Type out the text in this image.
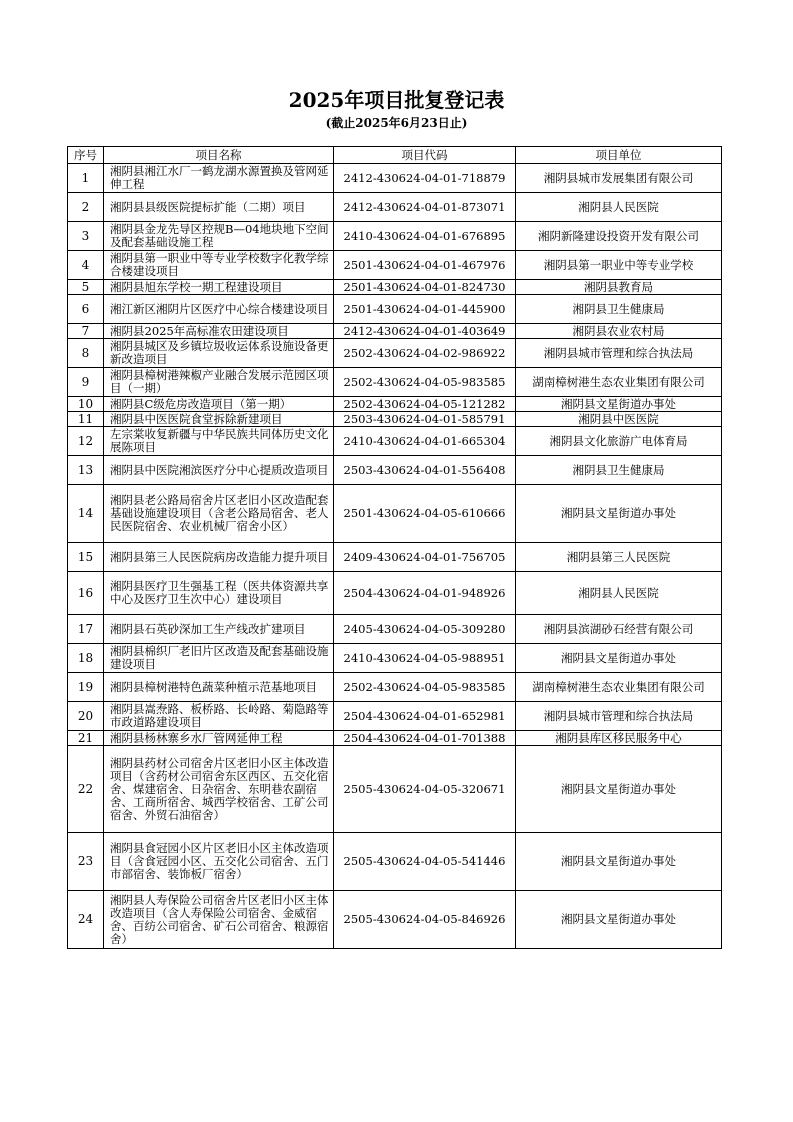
2025年项目批复登记表
(截止2025年6月23日止)
序号	项目名称	项目代码	项目单位

1	湘阴县湘江水厂一鹤龙湖水源置换及管网延伸工程	2412-430624-04-01-718879	湘阴县城市发展集团有限公司

2	湘阴县县级医院提标扩能（二期）项目	2412-430624-04-01-873071	湘阴县人民医院

3	湘阴县金龙先导区控规B—04地块地下空间及配套基础设施工程	2410-430624-04-01-676895	湘阴新隆建设投资开发有限公司

4	湘阴县第一职业中等专业学校数字化教学综合楼建设项目	2501-430624-04-01-467976	湘阴县第一职业中等专业学校

5	湘阴县旭东学校一期工程建设项目	2501-430624-04-01-824730	湘阴县教育局

6	湘江新区湘阴片区医疗中心综合楼建设项目	2501-430624-04-01-445900	湘阴县卫生健康局

7	湘阴县2025年高标准农田建设项目	2412-430624-04-01-403649	湘阴县农业农村局

8	湘阴县城区及乡镇垃圾收运体系设施设备更新改造项目	2502-430624-04-02-986922	湘阴县城市管理和综合执法局

9	湘阴县樟树港辣椒产业融合发展示范园区项目（一期）	2502-430624-04-05-983585	湖南樟树港生态农业集团有限公司

10	湘阴县C级危房改造项目（第一期）	2502-430624-04-05-121282	湘阴县文星街道办事处

11	湘阴县中医医院食堂拆除新建项目	2503-430624-04-01-585791	湘阴县中医医院

12	左宗棠收复新疆与中华民族共同体历史文化展陈项目	2410-430624-04-01-665304	湘阴县文化旅游广电体育局

13	湘阴县中医院湘滨医疗分中心提质改造项目	2503-430624-04-01-556408	湘阴县卫生健康局

14	湘阴县老公路局宿舍片区老旧小区改造配套基础设施建设项目（含老公路局宿舍、老人民医院宿舍、农业机械厂宿舍小区）	2501-430624-04-05-610666	湘阴县文星街道办事处

15	湘阴县第三人民医院病房改造能力提升项目	2409-430624-04-01-756705	湘阴县第三人民医院

16	湘阴县医疗卫生强基工程（医共体资源共享中心及医疗卫生次中心）建设项目	2504-430624-04-01-948926	湘阴县人民医院

17	湘阴县石英砂深加工生产线改扩建项目	2405-430624-04-05-309280	湘阴县滨湖砂石经营有限公司

18	湘阴县棉织厂老旧片区改造及配套基础设施建设项目	2410-430624-04-05-988951	湘阴县文星街道办事处

19	湘阴县樟树港特色蔬菜种植示范基地项目	2502-430624-04-05-983585	湖南樟树港生态农业集团有限公司

20	湘阴县嵩焘路、板桥路、长岭路、菊隐路等市政道路建设项目	2504-430624-04-01-652981	湘阴县城市管理和综合执法局

21	湘阴县杨林寨乡水厂管网延伸工程	2504-430624-04-01-701388	湘阴县库区移民服务中心

22	湘阴县药材公司宿舍片区老旧小区主体改造项目（含药材公司宿舍东区西区、五交化宿舍、煤建宿舍、日杂宿舍、东明巷农副宿舍、工商所宿舍、城西学校宿舍、工矿公司宿舍、外贸石油宿舍）	2505-430624-04-05-320671	湘阴县文星街道办事处

23	湘阴县食冠园小区片区老旧小区主体改造项目（含食冠园小区、五交化公司宿舍、五门市部宿舍、装饰板厂宿舍）	2505-430624-04-05-541446	湘阴县文星街道办事处

24	湘阴县人寿保险公司宿舍片区老旧小区主体改造项目（含人寿保险公司宿舍、金威宿舍、百纺公司宿舍、矿石公司宿舍、粮源宿舍）	2505-430624-04-05-846926	湘阴县文星街道办事处
